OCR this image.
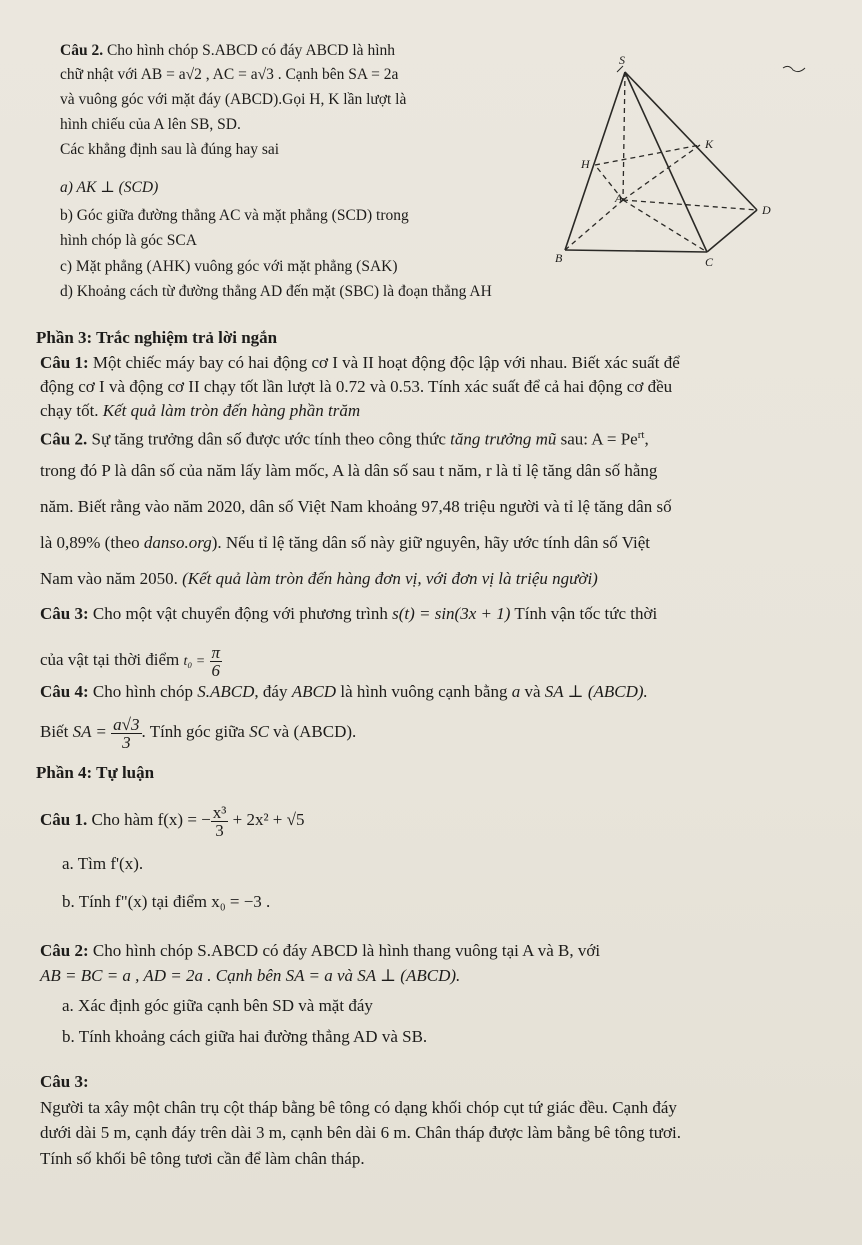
Câu 2. Cho hình chóp S.ABCD có đáy ABCD là hình
chữ nhật với AB = a√2 , AC = a√3 . Cạnh bên SA = 2a
và vuông góc với mặt đáy (ABCD).Gọi H, K lần lượt là
hình chiếu của A lên SB, SD.
Các khẳng định sau là đúng hay sai
a) AK ⊥ (SCD)
b) Góc giữa đường thẳng AC và mặt phẳng (SCD) trong
hình chóp là góc SCA
c) Mặt phẳng (AHK) vuông góc với mặt phẳng (SAK)
d) Khoảng cách từ đường thẳng AD đến mặt (SBC) là đoạn thẳng AH
S
K
H
A
D
B	C
Phần 3: Trắc nghiệm trả lời ngắn
Câu 1: Một chiếc máy bay có hai động cơ I và II hoạt động độc lập với nhau. Biết xác suất để
động cơ I và động cơ II chạy tốt lần lượt là 0.72 và 0.53. Tính xác suất để cả hai động cơ đều
chạy tốt. Kết quả làm tròn đến hàng phần trăm
Câu 2. Sự tăng trưởng dân số được ước tính theo công thức tăng trưởng mũ sau: $A = Pe^{rt}$,
trong đó P là dân số của năm lấy làm mốc, A là dân số sau t năm, r là tỉ lệ tăng dân số hằng
năm. Biết rằng vào năm 2020, dân số Việt Nam khoảng 97,48 triệu người và tỉ lệ tăng dân số
là 0,89% (theo danso.org). Nếu tỉ lệ tăng dân số này giữ nguyên, hãy ước tính dân số Việt
Nam vào năm 2050. (Kết quả làm tròn đến hàng đơn vị, với đơn vị là triệu người)
Câu 3: Cho một vật chuyển động với phương trình s(t) = sin(3x + 1) Tính vận tốc tức thời
của vật tại thời điểm $t_0 = \frac{\pi}{6}$
Câu 4: Cho hình chóp S.ABCD, đáy ABCD là hình vuông cạnh bằng a và SA ⊥ (ABCD).
Biết SA = $\frac{a√3}{3}$ . Tính góc giữa SC và (ABCD).
Phần 4: Tự luận
Câu 1. Cho hàm f(x) = − $\frac{\text{x³}}{3} + 2x^2 + √5$
a. Tìm f'(x).
b. Tính f"(x) tại điểm x₀ = −3 .
Câu 2: Cho hình chóp S.ABCD có đáy ABCD là hình thang vuông tại A và B, với
AB = BC = a , AD = 2a . Cạnh bên SA = a và SA ⊥ (ABCD).
a. Xác định góc giữa cạnh bên SD và mặt đáy
b. Tính khoảng cách giữa hai đường thẳng AD và SB.
Câu 3:
Người ta xây một chân trụ cột tháp bằng bê tông có dạng khối chóp cụt tứ giác đều. Cạnh đáy
dưới dài 5 m, cạnh đáy trên dài 3 m, cạnh bên dài 6 m. Chân tháp được làm bằng bê tông tươi.
Tính số khối bê tông tươi cần để làm chân tháp.
